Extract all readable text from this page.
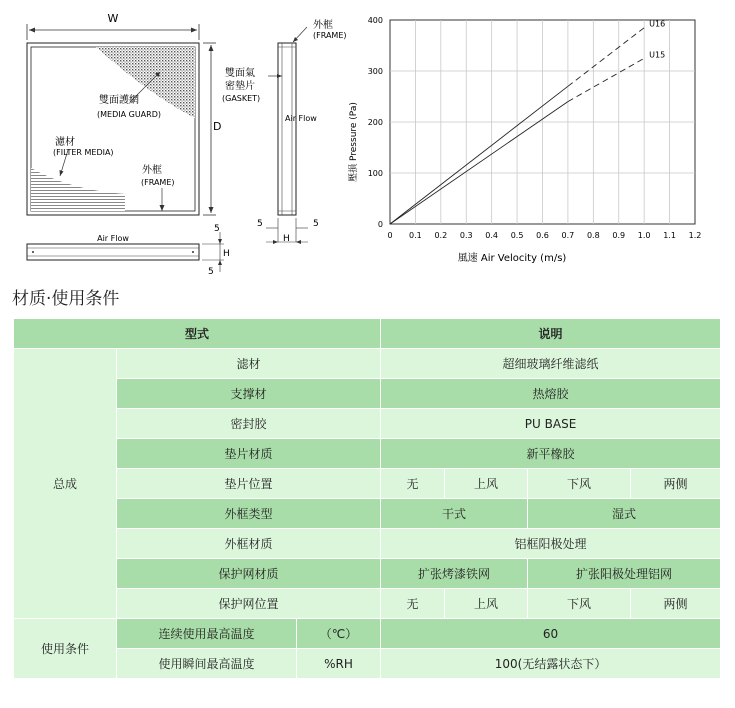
W
雙面護網
(MEDIA GUARD)
濾材
(FILTER MEDIA)
外框
(FRAME)
D
Air Flow
5
H
5
外框
(FRAME)
雙面氣
密墊片
(GASKET)
Air Flow
5	5
H
U16
U15
0 0.1 0.2 0.3 0.4 0.5 0.6 0.7 0.8 0.9 1.0 1.1 1.2
0
100
200
300
400
壓損 Pressure (Pa)
風速 Air Velocity (m/s)
材质·使用条件
型式			说明			
总成	滤材		超细玻璃纤维滤纸			
	支撑材		热熔胶			
	密封胶		PU BASE			
	垫片材质		新平橡胶			
	垫片位置		无	上风	下风	两侧
	外框类型		干式		湿式	
	外框材质		铝框阳极处理			
	保护网材质		扩张烤漆铁网		扩张阳极处理铝网	
	保护网位置		无	上风	下风	两侧
使用条件	连续使用最高温度	（℃）	60			
	使用瞬间最高温度	%RH	100(无结露状态下）			
